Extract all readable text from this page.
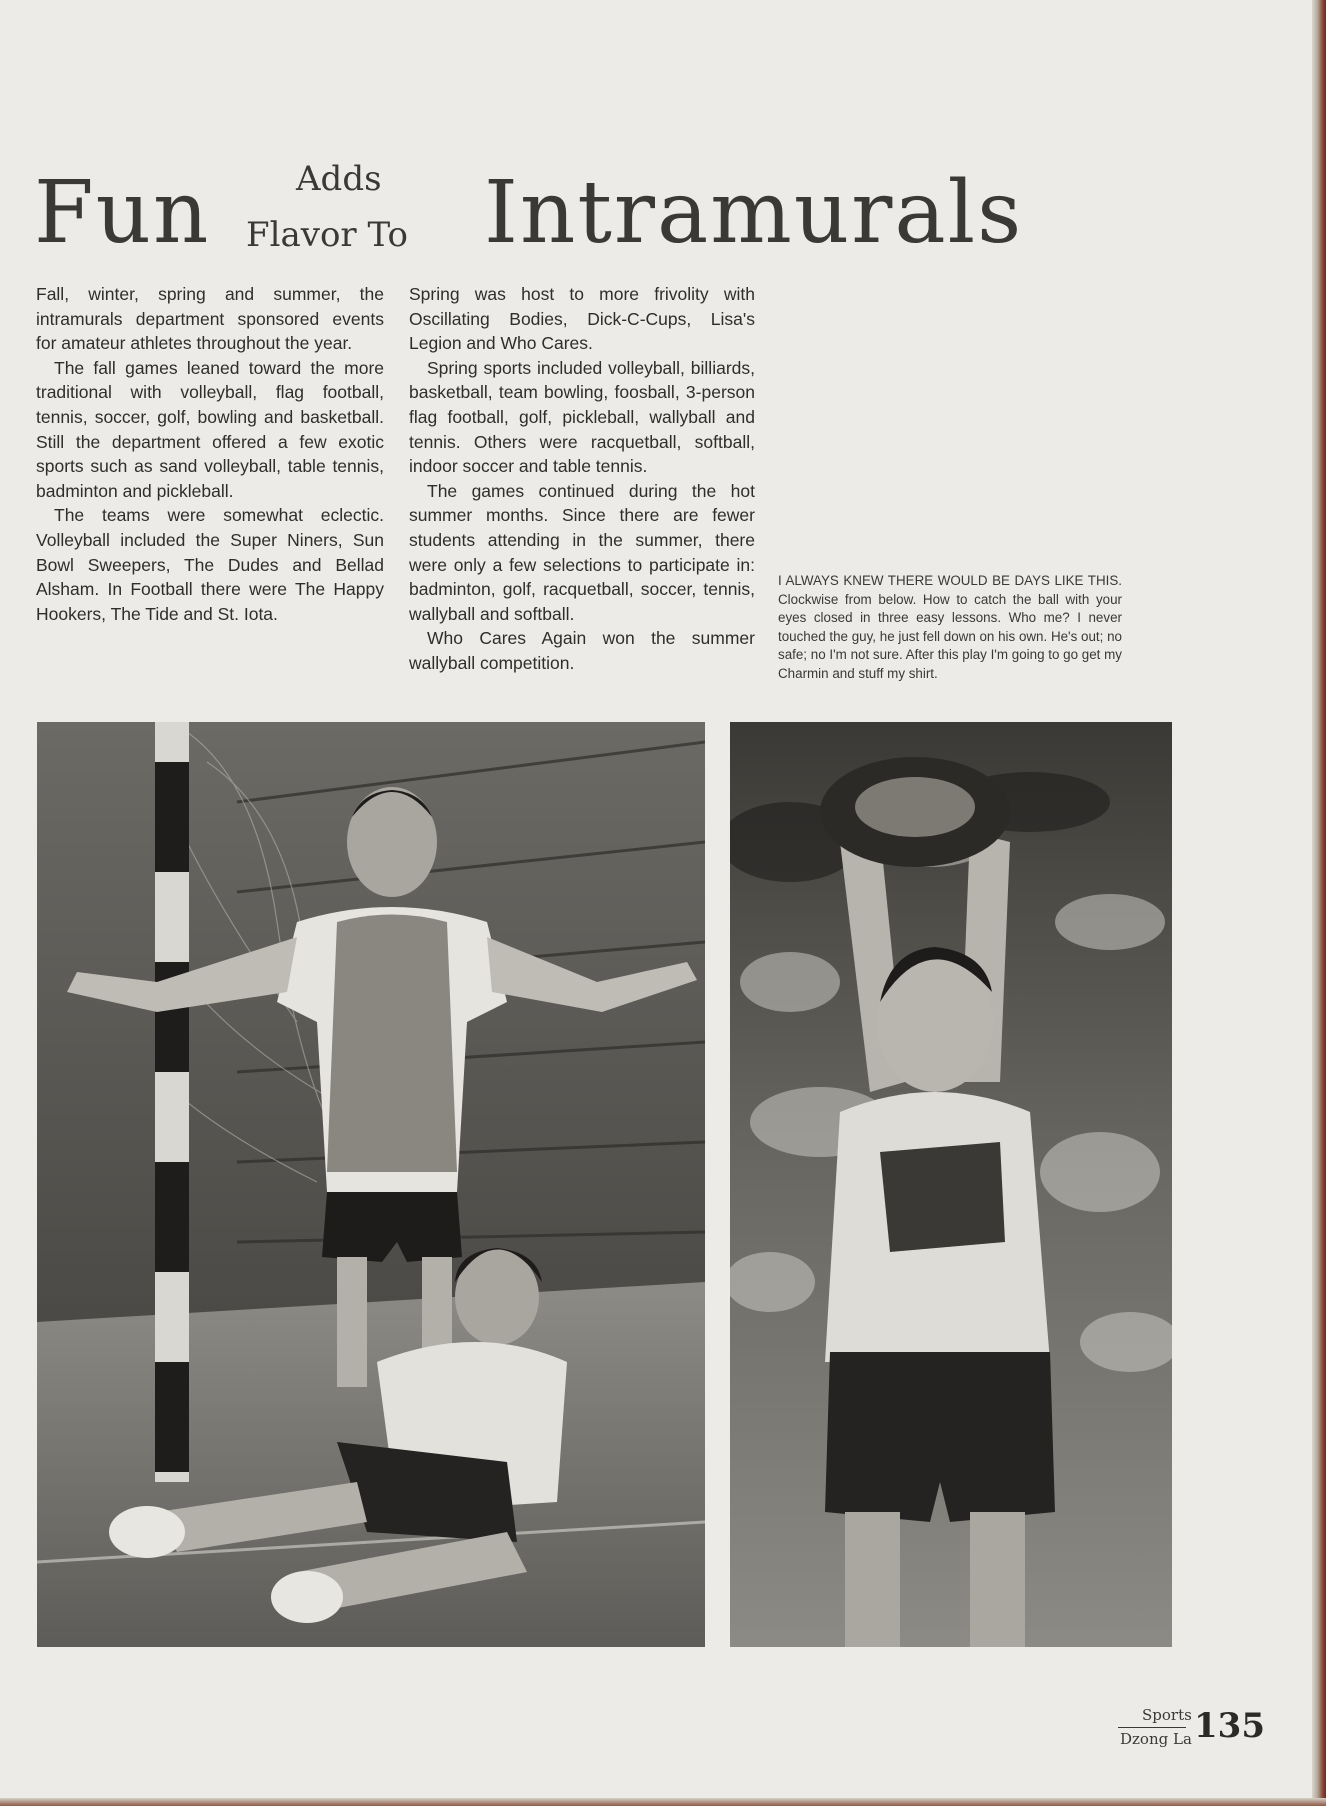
Fun	Adds
Flavor To Intramurals

Fall, winter, spring and summer, the intramurals department sponsored events for amateur athletes throughout the year.

The fall games leaned toward the more traditional with volleyball, flag football, tennis, soccer, golf, bowling and basketball. Still the department offered a few exotic sports such as sand volleyball, table tennis, badminton and pickleball.

The teams were somewhat eclectic. Volleyball included the Super Niners, Sun Bowl Sweepers, The Dudes and Bellad Alsham. In Football there were The Happy Hookers, The Tide and St. Iota.

Spring was host to more frivolity with Oscillating Bodies, Dick-C-Cups, Lisa's Legion and Who Cares.

Spring sports included volleyball, billiards, basketball, team bowling, foosball, 3-person flag football, golf, pickleball, wallyball and tennis. Others were racquetball, softball, indoor soccer and table tennis.

The games continued during the hot summer months. Since there are fewer students attending in the summer, there were only a few selections to participate in: badminton, golf, racquetball, soccer, tennis, wallyball and softball.

Who Cares Again won the summer wallyball competition.

I ALWAYS KNEW THERE WOULD BE DAYS LIKE THIS. Clockwise from below. How to catch the ball with your eyes closed in three easy lessons. Who me? I never touched the guy, he just fell down on his own. He's out; no safe; no I'm not sure. After this play I'm going to go get my Charmin and stuff my shirt.
Sports
Dzong La 135
